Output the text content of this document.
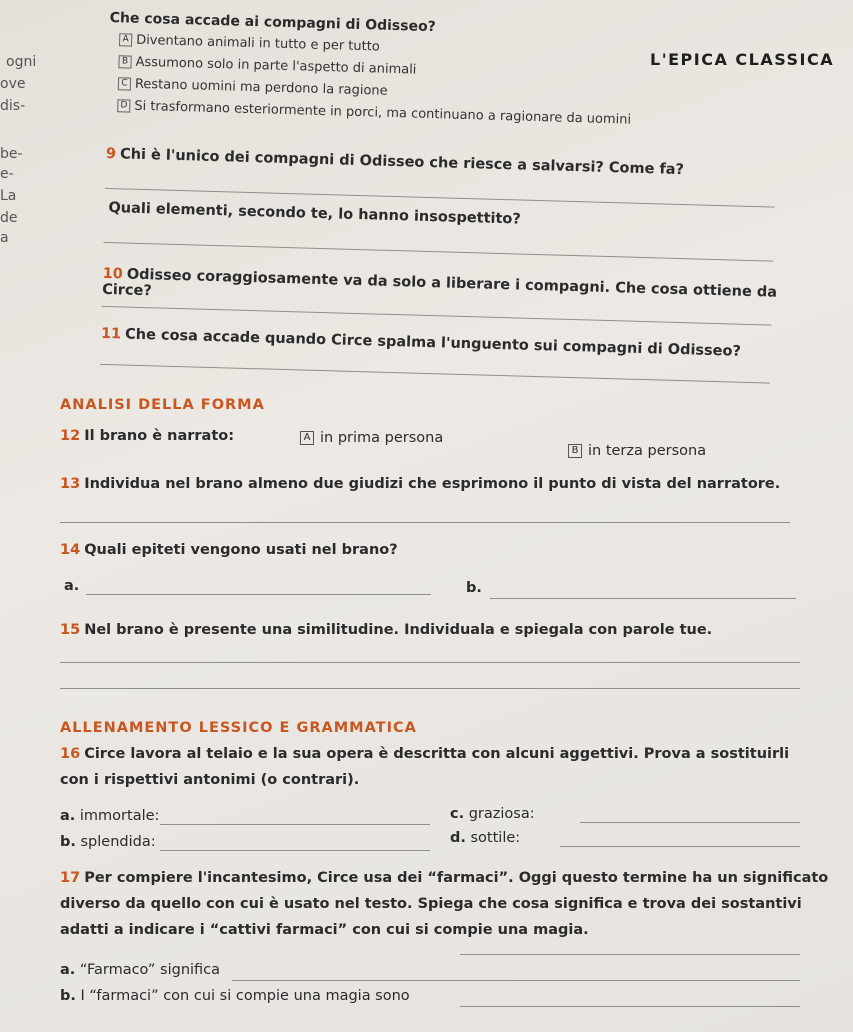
ogni
ove
dis-
be-
e-
La
de
a
L'EPICA CLASSICA
Che cosa accade ai compagni di Odisseo?
A Diventano animali in tutto e per tutto
B Assumono solo in parte l'aspetto di animali
C Restano uomini ma perdono la ragione
D Si trasformano esteriormente in porci, ma continuano a ragionare da uomini
9 Chi è l'unico dei compagni di Odisseo che riesce a salvarsi? Come fa?
Quali elementi, secondo te, lo hanno insospettito?
10 Odisseo coraggiosamente va da solo a liberare i compagni. Che cosa ottiene da Circe?
11 Che cosa accade quando Circe spalma l'unguento sui compagni di Odisseo?
ANALISI DELLA FORMA
12 Il brano è narrato:	A in prima persona
B in terza persona
13 Individua nel brano almeno due giudizi che esprimono il punto di vista del narratore.
14 Quali epiteti vengono usati nel brano?
a.	b.
15 Nel brano è presente una similitudine. Individuala e spiegala con parole tue.
ALLENAMENTO LESSICO E GRAMMATICA
16 Circe lavora al telaio e la sua opera è descritta con alcuni aggettivi. Prova a sostituirli
con i rispettivi antonimi (o contrari).
a. immortale:	c. graziosa:
b. splendida:	d. sottile:
17 Per compiere l'incantesimo, Circe usa dei “farmaci”. Oggi questo termine ha un significato
diverso da quello con cui è usato nel testo. Spiega che cosa significa e trova dei sostantivi
adatti a indicare i “cattivi farmaci” con cui si compie una magia.
a. “Farmaco” significa
b. I “farmaci” con cui si compie una magia sono
